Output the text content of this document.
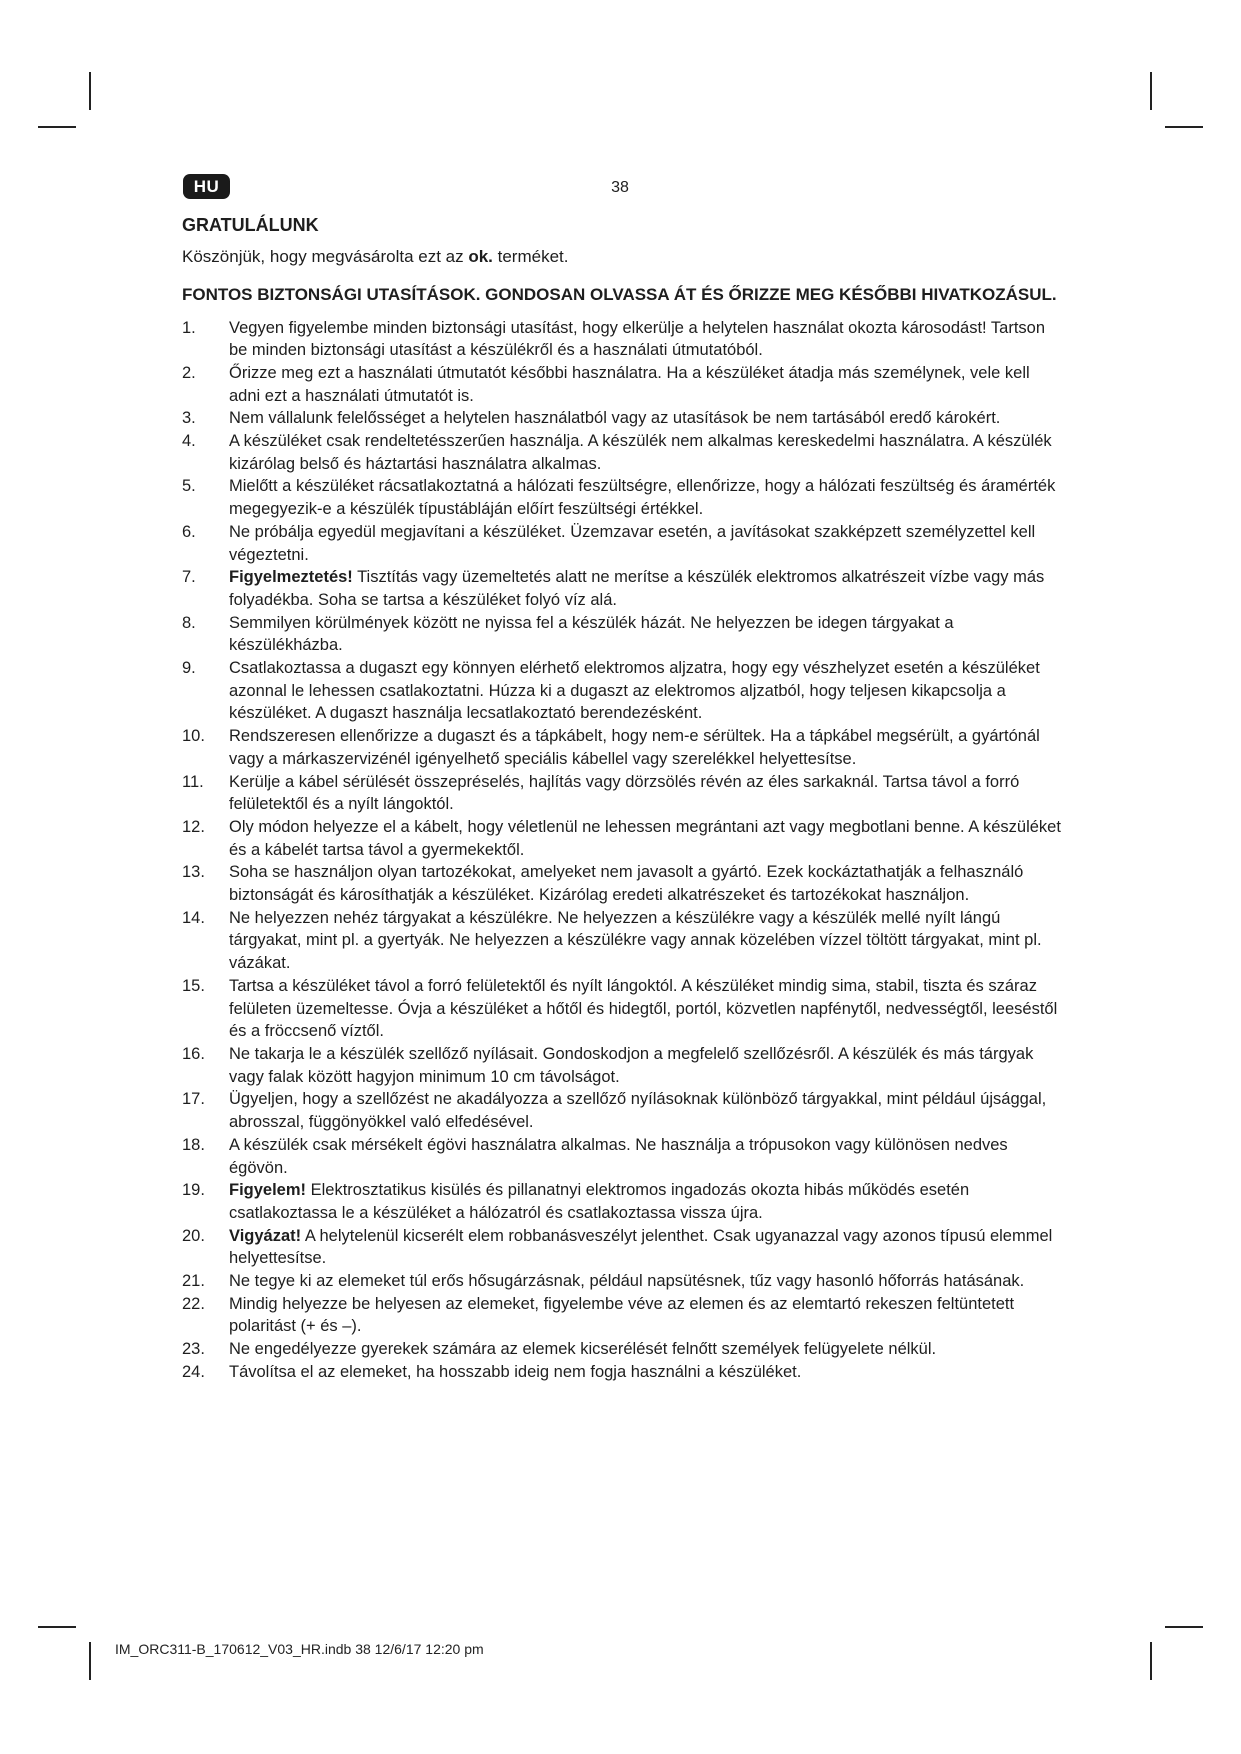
HU	38
GRATULÁLUNK
Köszönjük, hogy megvásárolta ezt az ok. terméket.
FONTOS BIZTONSÁGI UTASÍTÁSOK. GONDOSAN OLVASSA ÁT ÉS ŐRIZZE MEG KÉSŐBBI HIVATKOZÁSUL.
1. Vegyen figyelembe minden biztonsági utasítást, hogy elkerülje a helytelen használat okozta károsodást! Tartson be minden biztonsági utasítást a készülékről és a használati útmutatóból.
2. Őrizze meg ezt a használati útmutatót későbbi használatra. Ha a készüléket átadja más személynek, vele kell adni ezt a használati útmutatót is.
3. Nem vállalunk felelősséget a helytelen használatból vagy az utasítások be nem tartásából eredő károkért.
4. A készüléket csak rendeltetésszerűen használja. A készülék nem alkalmas kereskedelmi használatra. A készülék kizárólag belső és háztartási használatra alkalmas.
5. Mielőtt a készüléket rácsatlakoztatná a hálózati feszültségre, ellenőrizze, hogy a hálózati feszültség és áramérték megegyezik-e a készülék típustábláján előírt feszültségi értékkel.
6. Ne próbálja egyedül megjavítani a készüléket. Üzemzavar esetén, a javításokat szakképzett személyzettel kell végeztetni.
7. Figyelmeztetés! Tisztítás vagy üzemeltetés alatt ne merítse a készülék elektromos alkatrészeit vízbe vagy más folyadékba. Soha se tartsa a készüléket folyó víz alá.
8. Semmilyen körülmények között ne nyissa fel a készülék házát. Ne helyezzen be idegen tárgyakat a készülékházba.
9. Csatlakoztassa a dugaszt egy könnyen elérhető elektromos aljzatra, hogy egy vészhelyzet esetén a készüléket azonnal le lehessen csatlakoztatni. Húzza ki a dugaszt az elektromos aljzatból, hogy teljesen kikapcsolja a készüléket. A dugaszt használja lecsatlakoztató berendezésként.
10. Rendszeresen ellenőrizze a dugaszt és a tápkábelt, hogy nem-e sérültek. Ha a tápkábel megsérült, a gyártónál vagy a márkaszervizénél igényelhető speciális kábellel vagy szerelékkel helyettesítse.
11. Kerülje a kábel sérülését összepréselés, hajlítás vagy dörzsölés révén az éles sarkaknál. Tartsa távol a forró felületektől és a nyílt lángoktól.
12. Oly módon helyezze el a kábelt, hogy véletlenül ne lehessen megrántani azt vagy megbotlani benne. A készüléket és a kábelét tartsa távol a gyermekektől.
13. Soha se használjon olyan tartozékokat, amelyeket nem javasolt a gyártó. Ezek kockáztathatják a felhasználó biztonságát és károsíthatják a készüléket. Kizárólag eredeti alkatrészeket és tartozékokat használjon.
14. Ne helyezzen nehéz tárgyakat a készülékre. Ne helyezzen a készülékre vagy a készülék mellé nyílt lángú tárgyakat, mint pl. a gyertyák. Ne helyezzen a készülékre vagy annak közelében vízzel töltött tárgyakat, mint pl. vázákat.
15. Tartsa a készüléket távol a forró felületektől és nyílt lángoktól. A készüléket mindig sima, stabil, tiszta és száraz felületen üzemeltesse. Óvja a készüléket a hőtől és hidegtől, portól, közvetlen napfénytől, nedvességtől, leeséstől és a fröccsenő víztől.
16. Ne takarja le a készülék szellőző nyílásait. Gondoskodjon a megfelelő szellőzésről. A készülék és más tárgyak vagy falak között hagyjon minimum 10 cm távolságot.
17. Ügyeljen, hogy a szellőzést ne akadályozza a szellőző nyílásoknak különböző tárgyakkal, mint például újsággal, abrosszal, függönyökkel való elfedésével.
18. A készülék csak mérsékelt égövi használatra alkalmas. Ne használja a trópusokon vagy különösen nedves égövön.
19. Figyelem! Elektrosztatikus kisülés és pillanatnyi elektromos ingadozás okozta hibás működés esetén csatlakoztassa le a készüléket a hálózatról és csatlakoztassa vissza újra.
20. Vigyázat! A helytelenül kicserélt elem robbanásveszélyt jelenthet. Csak ugyanazzal vagy azonos típusú elemmel helyettesítse.
21. Ne tegye ki az elemeket túl erős hősugárzásnak, például napsütésnek, tűz vagy hasonló hőforrás hatásának.
22. Mindig helyezze be helyesen az elemeket, figyelembe véve az elemen és az elemtartó rekeszen feltüntetett polaritást (+ és –).
23. Ne engedélyezze gyerekek számára az elemek kicserélését felnőtt személyek felügyelete nélkül.
24. Távolítsa el az elemeket, ha hosszabb ideig nem fogja használni a készüléket.
IM_ORC311-B_170612_V03_HR.indb 38 12/6/17 12:20 pm
